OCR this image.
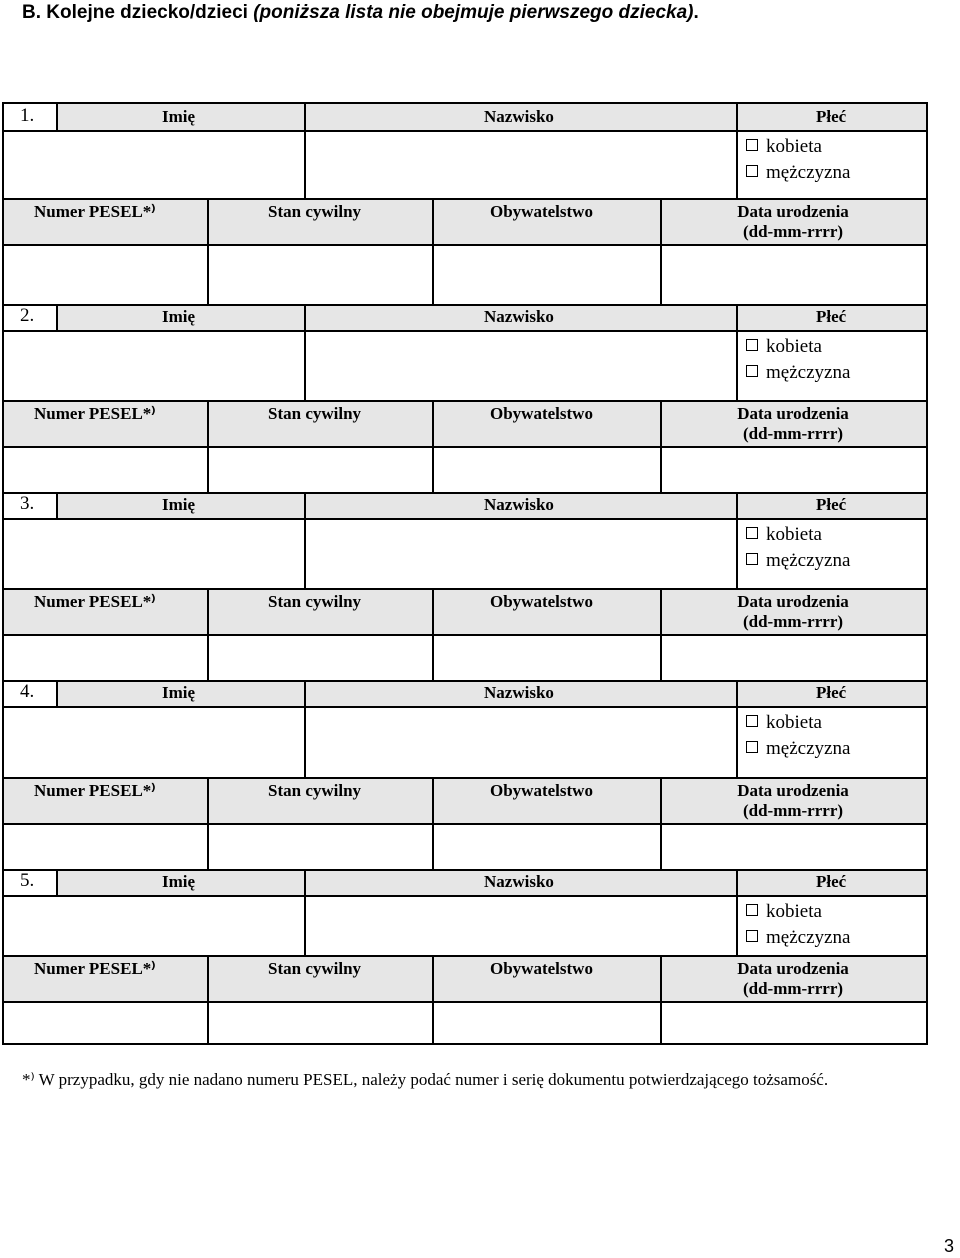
B. Kolejne dziecko/dzieci (poniższa lista nie obejmuje pierwszego dziecka).
1.	Imię	Nazwisko	Płeć
kobieta
mężczyzna
Numer PESEL*⁾	Stan cywilny	Obywatelstwo	Data urodzenia
(dd-mm-rrrr)
2.	Imię	Nazwisko	Płeć
kobieta
mężczyzna
Numer PESEL*⁾	Stan cywilny	Obywatelstwo	Data urodzenia
(dd-mm-rrrr)
3.	Imię	Nazwisko	Płeć
kobieta
mężczyzna
Numer PESEL*⁾	Stan cywilny	Obywatelstwo	Data urodzenia
(dd-mm-rrrr)
4.	Imię	Nazwisko	Płeć
kobieta
mężczyzna
Numer PESEL*⁾	Stan cywilny	Obywatelstwo	Data urodzenia
(dd-mm-rrrr)
5.	Imię	Nazwisko	Płeć
kobieta
mężczyzna
Numer PESEL*⁾	Stan cywilny	Obywatelstwo	Data urodzenia
(dd-mm-rrrr)
*⁾ W przypadku, gdy nie nadano numeru PESEL, należy podać numer i serię dokumentu potwierdzającego tożsamość.
3
